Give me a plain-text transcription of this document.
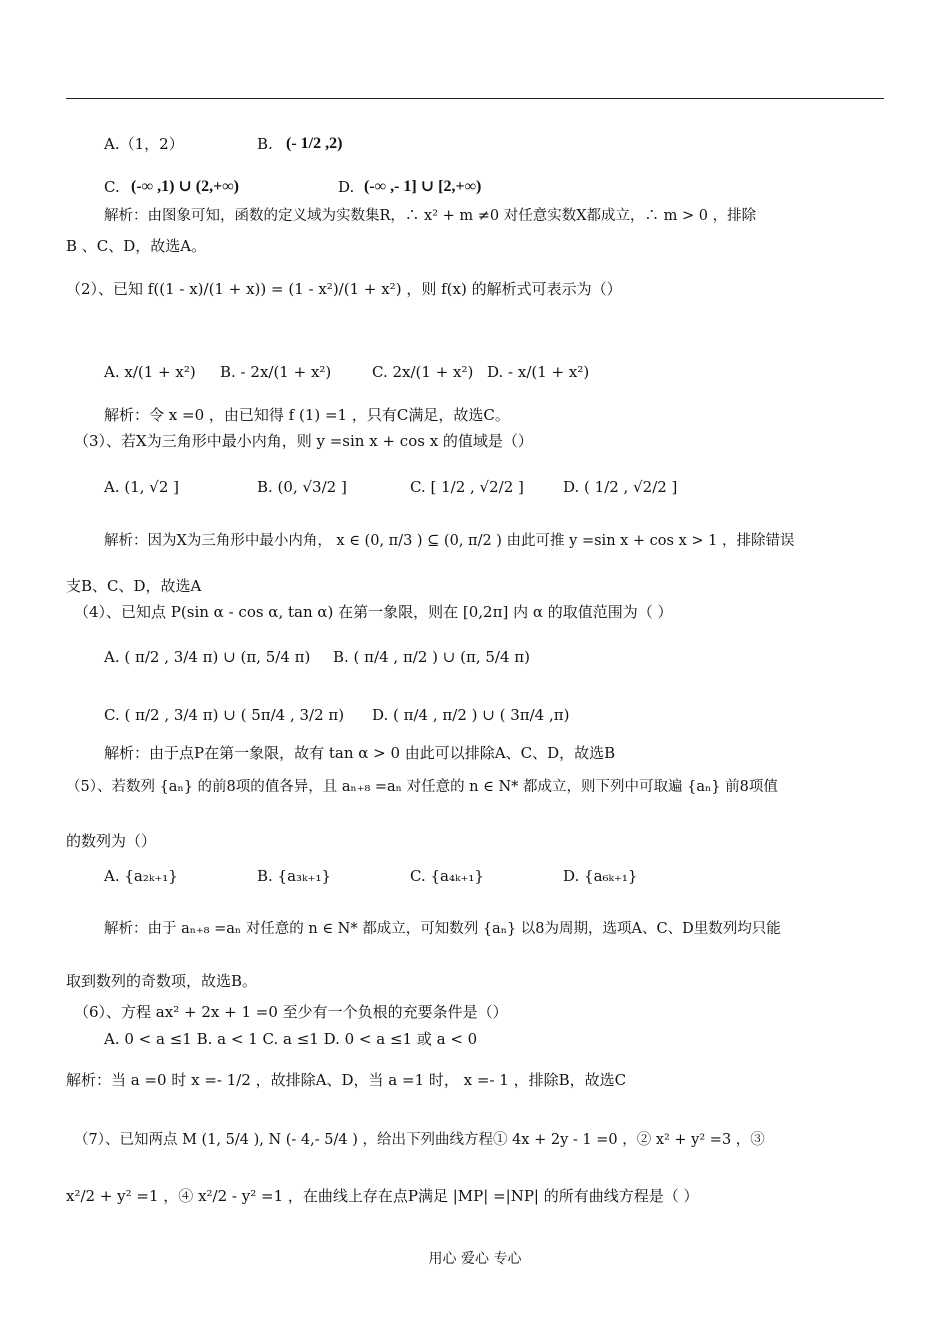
A.（1，2）	B. (- 1/2 ,2)
C. (-∞ ,1) ∪ (2,+∞)	D. (-∞ ,- 1] ∪ [2,+∞)
解析：由图象可知，函数的定义域为实数集R，∴ x² + m ≠0 对任意实数X都成立，∴ m > 0 ，排除
B 、C、D，故选A。
（2）、已知 f((1 - x)/(1 + x)) = (1 - x²)/(1 + x²) ，则 f(x) 的解析式可表示为（）
A. x/(1 + x²) B. - 2x/(1 + x²)	C. 2x/(1 + x²) D. - x/(1 + x²)
解析：令 x =0 ，由已知得 f (1) =1 ，只有C满足，故选C。
（3）、若X为三角形中最小内角，则 y =sin x + cos x 的值域是（）
A. (1, √2 ]	B. (0, √3/2 ]	C. [ 1/2 , √2/2 ]	D. ( 1/2 , √2/2 ]
解析：因为X为三角形中最小内角， x ∈ (0, π/3 ) ⊆ (0, π/2 ) 由此可推 y =sin x + cos x > 1 ，排除错误
支B、C、D，故选A
（4）、已知点 P(sin α - cos α, tan α) 在第一象限，则在 [0,2π] 内 α 的取值范围为（ ）
A. ( π/2 , 3/4 π) ∪ (π, 5/4 π) B. ( π/4 , π/2 ) ∪ (π, 5/4 π)
C. ( π/2 , 3/4 π) ∪ ( 5π/4 , 3/2 π) D. ( π/4 , π/2 ) ∪ ( 3π/4 ,π)
解析：由于点P在第一象限，故有 tan α > 0 由此可以排除A、C、D，故选B
（5）、若数列 {aₙ} 的前8项的值各异，且 aₙ₊₈ =aₙ 对任意的 n ∈ N* 都成立，则下列中可取遍 {aₙ} 前8项值
的数列为（）
A. {a₂ₖ₊₁}	B. {a₃ₖ₊₁}	C. {a₄ₖ₊₁}	D. {a₆ₖ₊₁}
解析：由于 aₙ₊₈ =aₙ 对任意的 n ∈ N* 都成立，可知数列 {aₙ} 以8为周期，选项A、C、D里数列均只能
取到数列的奇数项，故选B。
（6）、方程 ax² + 2x + 1 =0 至少有一个负根的充要条件是（）
A. 0 < a ≤1 B. a < 1 C. a ≤1 D. 0 < a ≤1 或 a < 0
解析：当 a =0 时 x =- 1/2 ，故排除A、D，当 a =1 时， x =- 1 ，排除B，故选C
（7）、已知两点 M (1, 5/4 ), N (- 4,- 5/4 ) ，给出下列曲线方程① 4x + 2y - 1 =0 ，② x² + y² =3 ，③
x²/2 + y² =1 ，④ x²/2 - y² =1 ，在曲线上存在点P满足 |MP| =|NP| 的所有曲线方程是（ ）
用心 爱心 专心
